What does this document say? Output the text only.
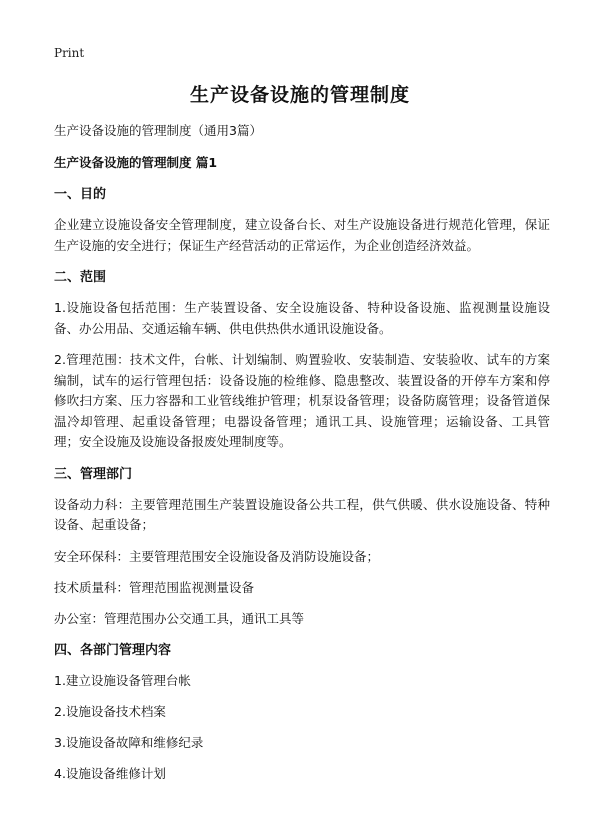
Print
生产设备设施的管理制度

生产设备设施的管理制度（通用3篇）

生产设备设施的管理制度 篇1

一、目的

企业建立设施设备安全管理制度，建立设备台长、对生产设施设备进行规范化管理，保证生产设施的安全进行；保证生产经营活动的正常运作，为企业创造经济效益。

二、范围

1.设施设备包括范围：生产装置设备、安全设施设备、特种设备设施、监视测量设施设备、办公用品、交通运输车辆、供电供热供水通讯设施设备。

2.管理范围：技术文件，台帐、计划编制、购置验收、安装制造、安装验收、试车的方案编制，试车的运行管理包括：设备设施的检维修、隐患整改、装置设备的开停车方案和停修吹扫方案、压力容器和工业管线维护管理；机泵设备管理；设备防腐管理；设备管道保温冷却管理、起重设备管理；电器设备管理；通讯工具、设施管理；运输设备、工具管理；安全设施及设施设备报废处理制度等。

三、管理部门

设备动力科：主要管理范围生产装置设施设备公共工程，供气供暖、供水设施设备、特种设备、起重设备；

安全环保科：主要管理范围安全设施设备及消防设施设备；

技术质量科：管理范围监视测量设备

办公室：管理范围办公交通工具，通讯工具等

四、各部门管理内容

1.建立设施设备管理台帐

2.设施设备技术档案

3.设施设备故障和维修纪录

4.设施设备维修计划
